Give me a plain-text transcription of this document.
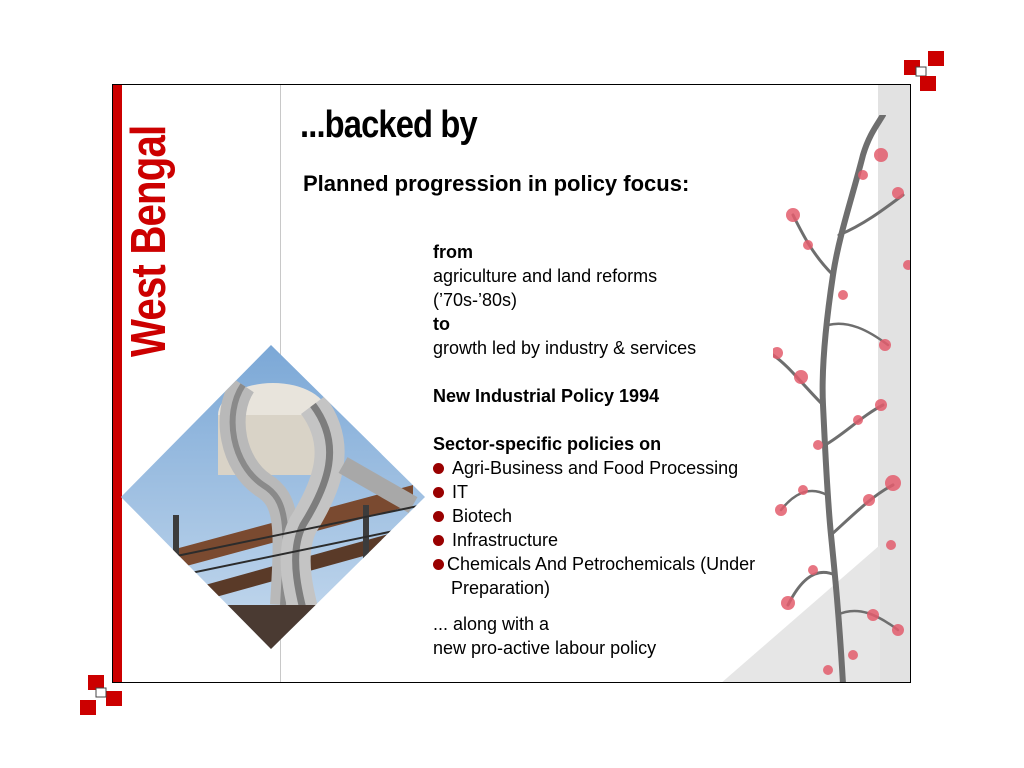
West Bengal
...backed by
Planned progression in policy focus:
from
agriculture and land reforms
(’70s-’80s)
to
growth led by industry & services
New Industrial Policy 1994
Sector-specific policies on
Agri-Business and Food Processing
IT
Biotech
Infrastructure
Chemicals And Petrochemicals (Under
Preparation)
... along with a
new pro-active labour policy
